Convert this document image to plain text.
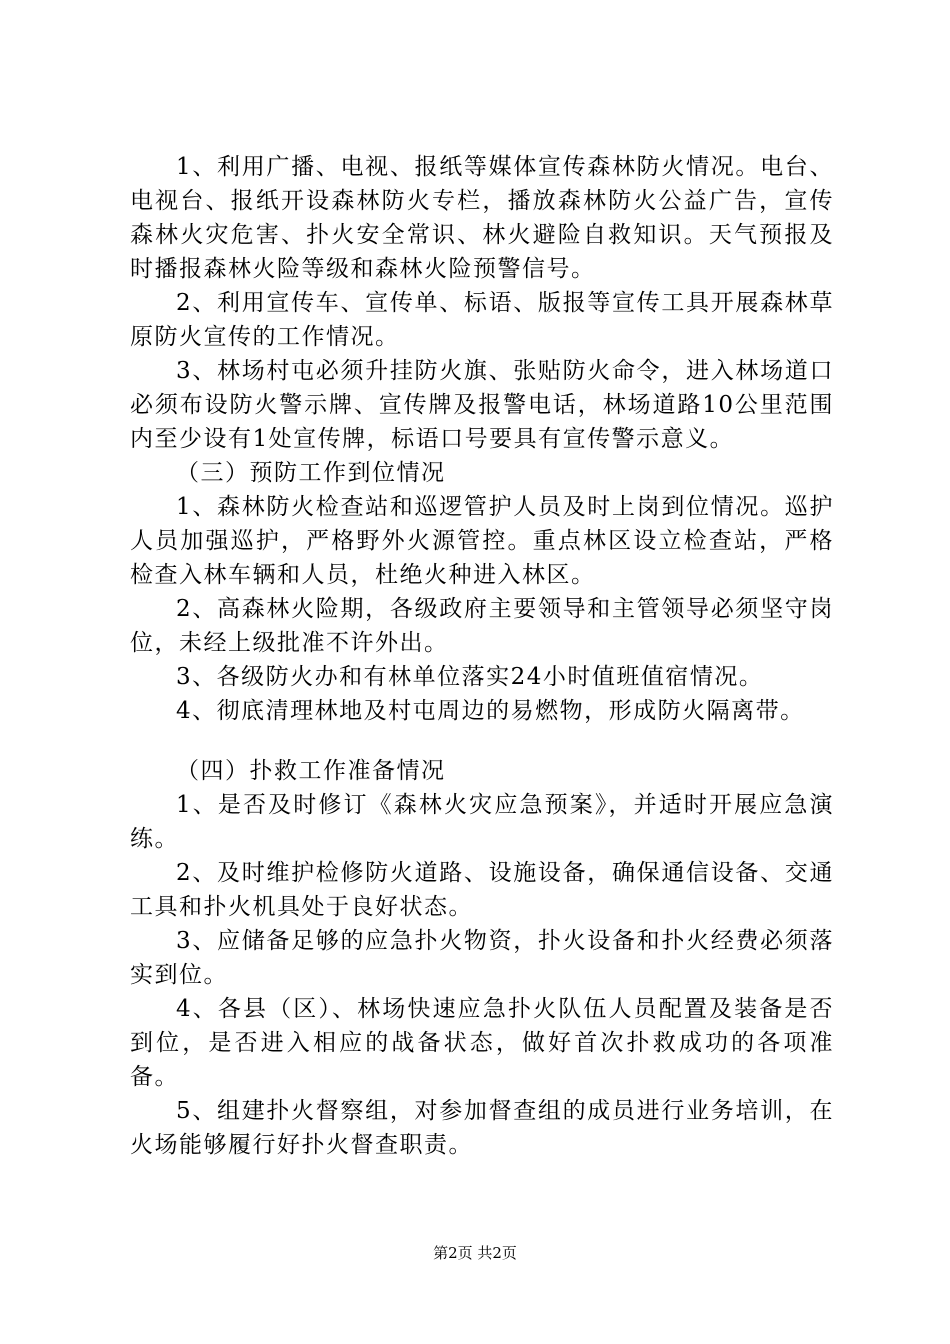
1、利用广播、电视、报纸等媒体宣传森林防火情况。电台、电视台、报纸开设森林防火专栏，播放森林防火公益广告，宣传森林火灾危害、扑火安全常识、林火避险自救知识。天气预报及时播报森林火险等级和森林火险预警信号。

2、利用宣传车、宣传单、标语、版报等宣传工具开展森林草原防火宣传的工作情况。

3、林场村屯必须升挂防火旗、张贴防火命令，进入林场道口必须布设防火警示牌、宣传牌及报警电话，林场道路10公里范围内至少设有1处宣传牌，标语口号要具有宣传警示意义。

（三）预防工作到位情况

1、森林防火检查站和巡逻管护人员及时上岗到位情况。巡护人员加强巡护，严格野外火源管控。重点林区设立检查站，严格检查入林车辆和人员，杜绝火种进入林区。

2、高森林火险期，各级政府主要领导和主管领导必须坚守岗位，未经上级批准不许外出。

3、各级防火办和有林单位落实24小时值班值宿情况。

4、彻底清理林地及村屯周边的易燃物，形成防火隔离带。

（四）扑救工作准备情况

1、是否及时修订《森林火灾应急预案》，并适时开展应急演练。

2、及时维护检修防火道路、设施设备，确保通信设备、交通工具和扑火机具处于良好状态。

3、应储备足够的应急扑火物资，扑火设备和扑火经费必须落实到位。

4、各县（区）、林场快速应急扑火队伍人员配置及装备是否到位，是否进入相应的战备状态，做好首次扑救成功的各项准备。

5、组建扑火督察组，对参加督查组的成员进行业务培训，在火场能够履行好扑火督查职责。

第2页 共2页
